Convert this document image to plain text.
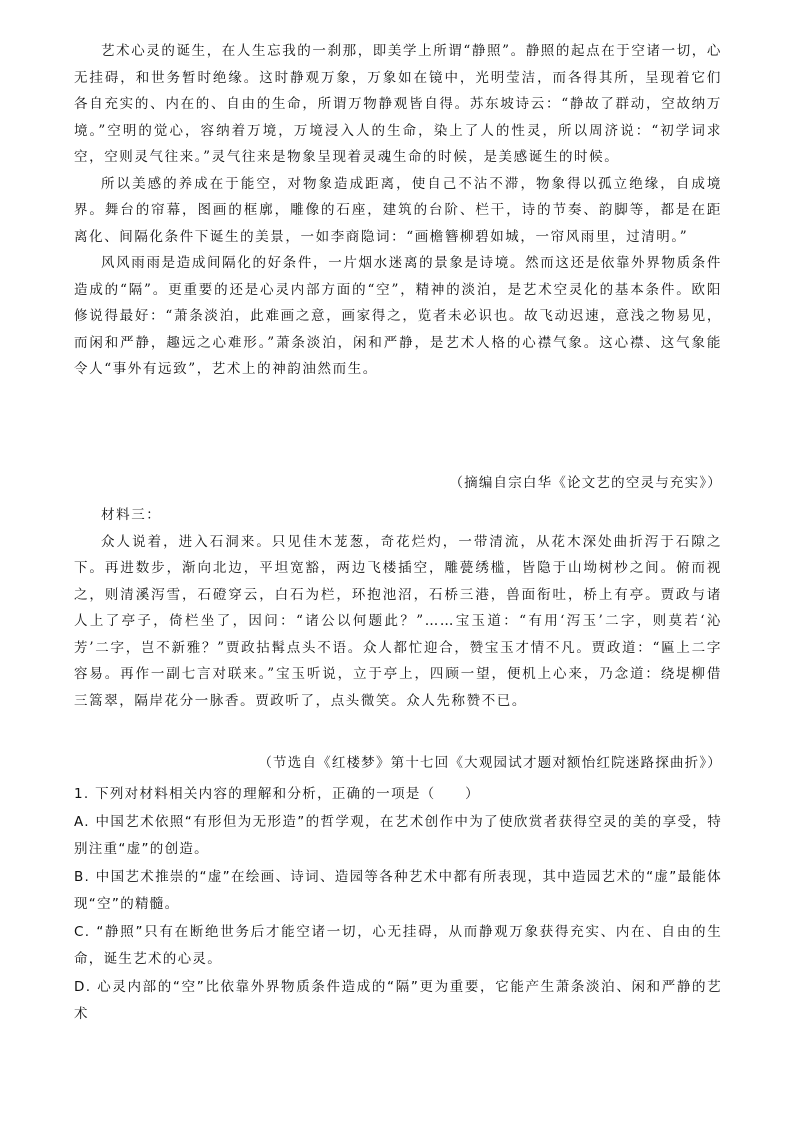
艺术心灵的诞生，在人生忘我的一刹那，即美学上所谓“静照”。静照的起点在于空诸一切，心无挂碍，和世务暂时绝缘。这时静观万象，万象如在镜中，光明莹洁，而各得其所，呈现着它们各自充实的、内在的、自由的生命，所谓万物静观皆自得。苏东坡诗云：“静故了群动，空故纳万境。”空明的觉心，容纳着万境，万境浸入人的生命，染上了人的性灵，所以周济说：“初学词求空，空则灵气往来。”灵气往来是物象呈现着灵魂生命的时候，是美感诞生的时候。

所以美感的养成在于能空，对物象造成距离，使自己不沾不滞，物象得以孤立绝缘，自成境界。舞台的帘幕，图画的框廓，雕像的石座，建筑的台阶、栏干，诗的节奏、韵脚等，都是在距离化、间隔化条件下诞生的美景，一如李商隐词：“画檐簪柳碧如城，一帘风雨里，过清明。”

风风雨雨是造成间隔化的好条件，一片烟水迷离的景象是诗境。然而这还是依靠外界物质条件造成的“隔”。更重要的还是心灵内部方面的“空”，精神的淡泊，是艺术空灵化的基本条件。欧阳修说得最好：“萧条淡泊，此难画之意，画家得之，览者未必识也。故飞动迟速，意浅之物易见，而闲和严静，趣远之心难形。”萧条淡泊，闲和严静，是艺术人格的心襟气象。这心襟、这气象能令人“事外有远致”，艺术上的神韵油然而生。

（摘编自宗白华《论文艺的空灵与充实》）

材料三：

众人说着，进入石洞来。只见佳木茏葱，奇花烂灼，一带清流，从花木深处曲折泻于石隙之下。再进数步，渐向北边，平坦宽豁，两边飞楼插空，雕甍绣槛，皆隐于山坳树杪之间。俯而视之，则清溪泻雪，石磴穿云，白石为栏，环抱池沼，石桥三港，兽面衔吐，桥上有亭。贾政与诸人上了亭子，倚栏坐了，因问：“诸公以何题此？”……宝玉道：“有用‘泻玉’二字，则莫若‘沁芳’二字，岂不新雅？”贾政拈髯点头不语。众人都忙迎合，赞宝玉才情不凡。贾政道：“匾上二字容易。再作一副七言对联来。”宝玉听说，立于亭上，四顾一望，便机上心来，乃念道：绕堤柳借三篙翠，隔岸花分一脉香。贾政听了，点头微笑。众人先称赞不已。

（节选自《红楼梦》第十七回《大观园试才题对额怡红院迷路探曲折》）

1. 下列对材料相关内容的理解和分析，正确的一项是（　　）

A. 中国艺术依照“有形但为无形造”的哲学观，在艺术创作中为了使欣赏者获得空灵的美的享受，特别注重“虚”的创造。

B. 中国艺术推崇的“虚”在绘画、诗词、造园等各种艺术中都有所表现，其中造园艺术的“虚”最能体现“空”的精髓。

C. “静照”只有在断绝世务后才能空诸一切，心无挂碍，从而静观万象获得充实、内在、自由的生命，诞生艺术的心灵。

D. 心灵内部的“空”比依靠外界物质条件造成的“隔”更为重要，它能产生萧条淡泊、闲和严静的艺术
